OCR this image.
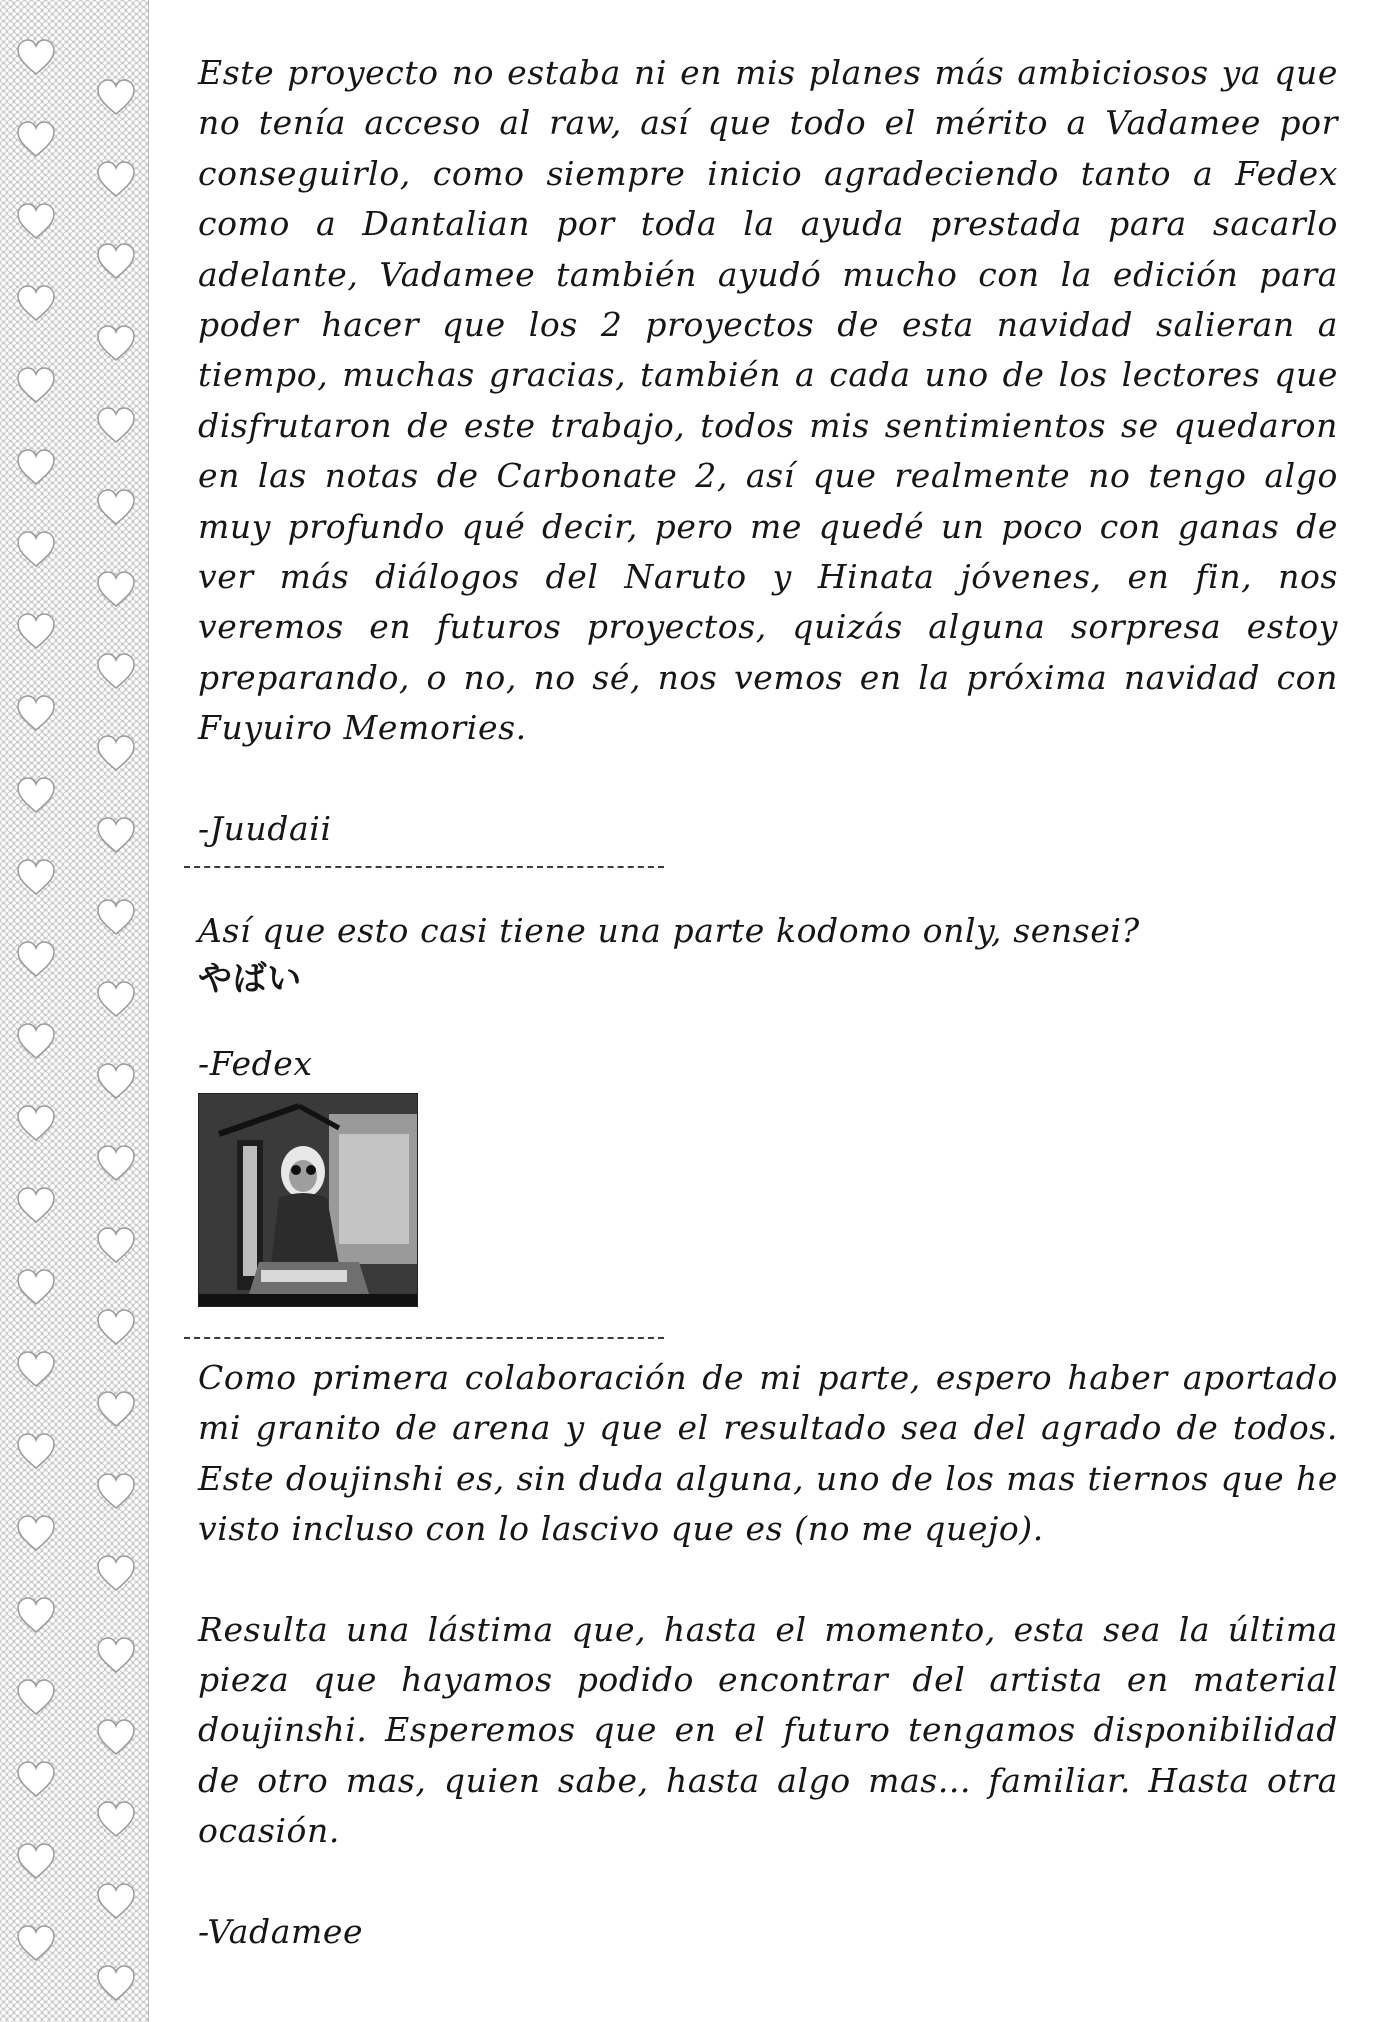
Este proyecto no estaba ni en mis planes más ambiciosos ya que no tenía acceso al raw, así que todo el mérito a Vadamee por conseguirlo, como siempre inicio agradeciendo tanto a Fedex como a Dantalian por toda la ayuda prestada para sacarlo adelante, Vadamee también ayudó mucho con la edición para poder hacer que los 2 proyectos de esta navidad salieran a tiempo, muchas gracias, también a cada uno de los lectores que disfrutaron de este trabajo, todos mis sentimientos se quedaron en las notas de Carbonate 2, así que realmente no tengo algo muy profundo qué decir, pero me quedé un poco con ganas de ver más diálogos del Naruto y Hinata jóvenes, en fin, nos veremos en futuros proyectos, quizás alguna sorpresa estoy preparando, o no, no sé, nos vemos en la próxima navidad con Fuyuiro Memories.

-Juudaii

Así que esto casi tiene una parte kodomo only, sensei?

やばい

-Fedex

Como primera colaboración de mi parte, espero haber aportado mi granito de arena y que el resultado sea del agrado de todos. Este doujinshi es, sin duda alguna, uno de los mas tiernos que he visto incluso con lo lascivo que es (no me quejo).

Resulta una lástima que, hasta el momento, esta sea la última pieza que hayamos podido encontrar del artista en material doujinshi. Esperemos que en el futuro tengamos disponibilidad de otro mas, quien sabe, hasta algo mas... familiar. Hasta otra ocasión.

-Vadamee
